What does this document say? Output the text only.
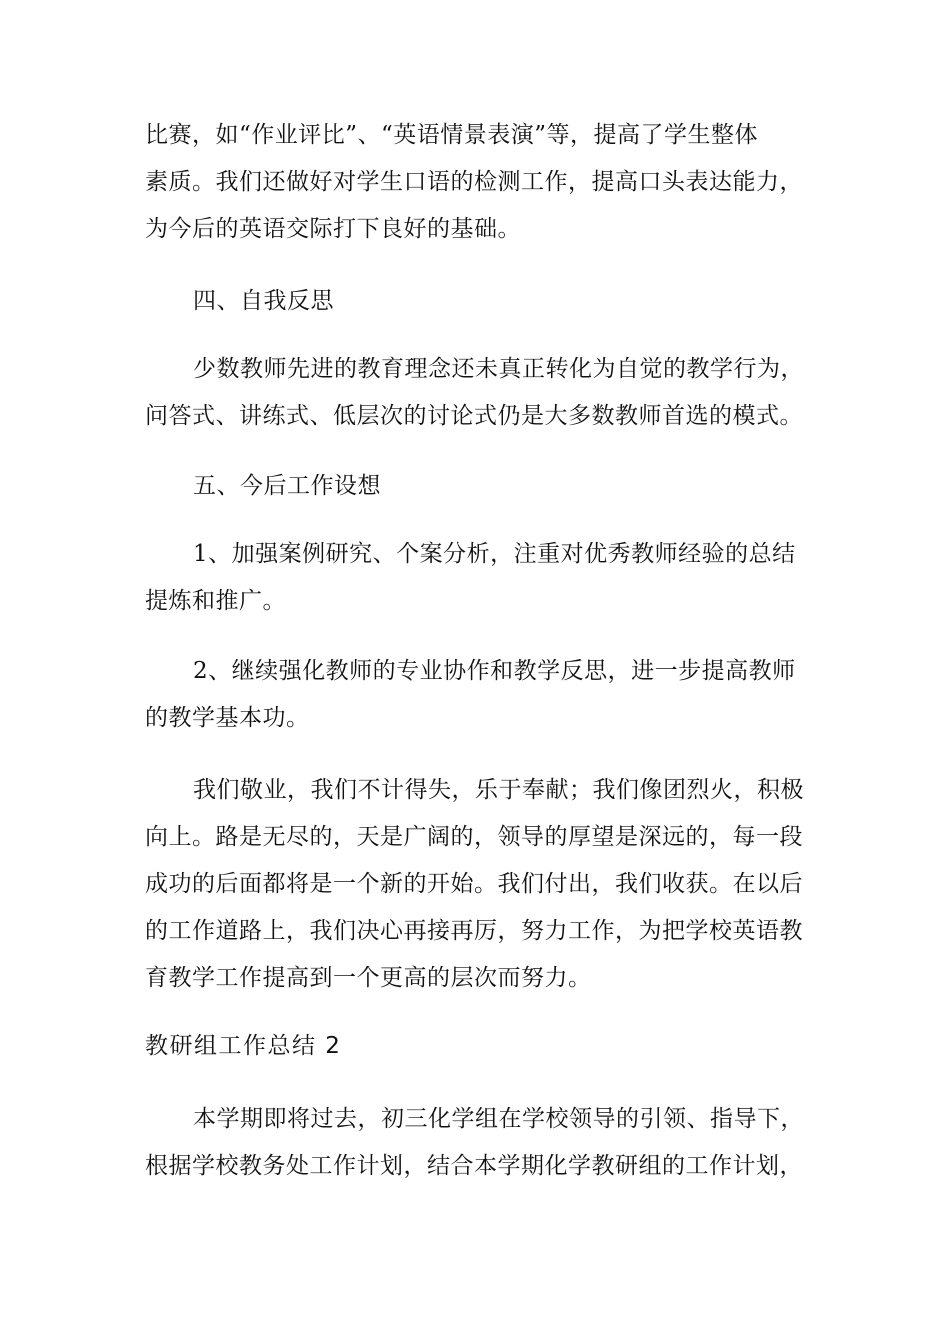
比赛，如“作业评比”、“英语情景表演”等，提高了学生整体
素质。我们还做好对学生口语的检测工作，提高口头表达能力，
为今后的英语交际打下良好的基础。

四、自我反思

少数教师先进的教育理念还未真正转化为自觉的教学行为，
问答式、讲练式、低层次的讨论式仍是大多数教师首选的模式。

五、今后工作设想

1、加强案例研究、个案分析，注重对优秀教师经验的总结
提炼和推广。

2、继续强化教师的专业协作和教学反思，进一步提高教师
的教学基本功。

我们敬业，我们不计得失，乐于奉献；我们像团烈火，积极
向上。路是无尽的，天是广阔的，领导的厚望是深远的，每一段
成功的后面都将是一个新的开始。我们付出，我们收获。在以后
的工作道路上，我们决心再接再厉，努力工作，为把学校英语教
育教学工作提高到一个更高的层次而努力。

教研组工作总结 2

本学期即将过去，初三化学组在学校领导的引领、指导下，
根据学校教务处工作计划，结合本学期化学教研组的工作计划，
